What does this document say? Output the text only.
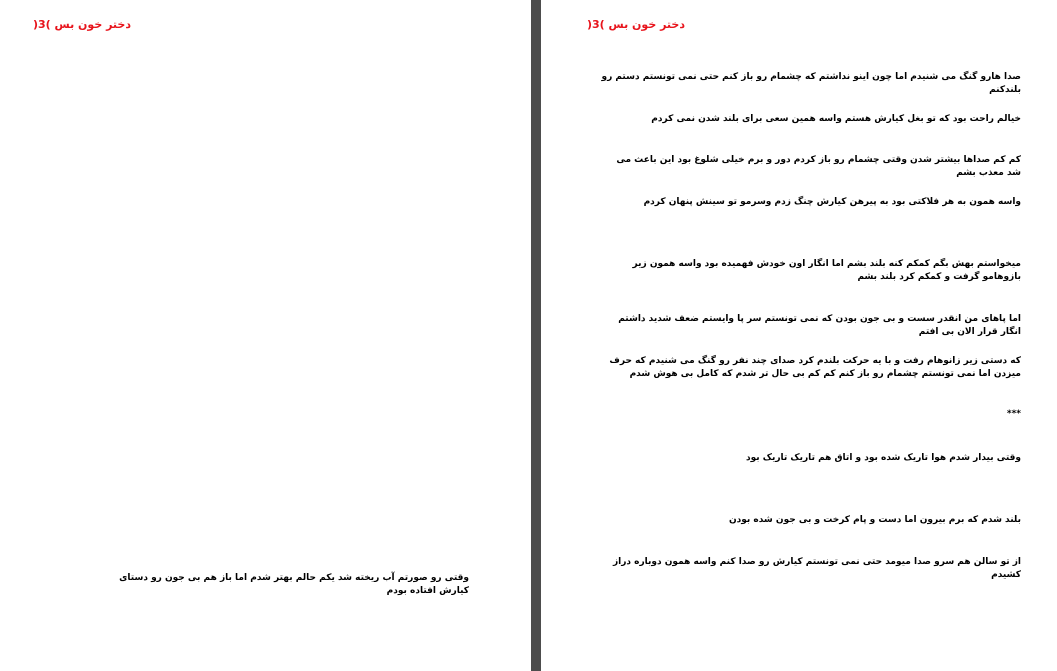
دختر خون بس )3(
وقتی رو صورتم آب ریخته شد یکم حالم بهتر شدم اما باز هم بی جون رو دستای کیارش افتاده بودم
دختر خون بس )3(
صدا هارو گنگ می شنیدم اما چون اینو نداشتم که چشمام رو باز کنم حتی نمی تونستم دستم رو بلندکنم
خیالم راحت بود که تو بغل کیارش هستم واسه همین سعی برای بلند شدن نمی کردم
کم کم صداها بیشتر شدن وقتی چشمام رو باز کردم دور و برم خیلی شلوغ بود این باعث می شد معذب بشم
واسه همون به هر فلاکتی بود به پیرهن کیارش چنگ زدم وسرمو تو سینش پنهان کردم
میخواستم بهش بگم کمکم کنه بلند بشم اما انگار اون خودش فهمیده بود واسه همون زیر بازوهامو گرفت و کمکم کرد بلند بشم
اما پاهای من انقدر سست و بی جون بودن که نمی تونستم سر پا وایستم ضعف شدید داشتم انگار قرار الان بی افتم
که دستی زیر زانوهام رفت و با یه حرکت بلندم کرد صدای چند نفر رو گنگ می شنیدم که حرف میزدن اما نمی تونستم چشمام رو باز کنم کم کم بی حال تر شدم که کامل بی هوش شدم
***
وقتی بیدار شدم هوا تاریک شده بود و اتاق هم تاریک تاریک بود
بلند شدم که برم بیرون اما دست و پام کرخت و بی جون شده بودن
از تو سالن هم سرو صدا میومد حتی نمی تونستم کیارش رو صدا کنم واسه همون دوباره دراز کشیدم
